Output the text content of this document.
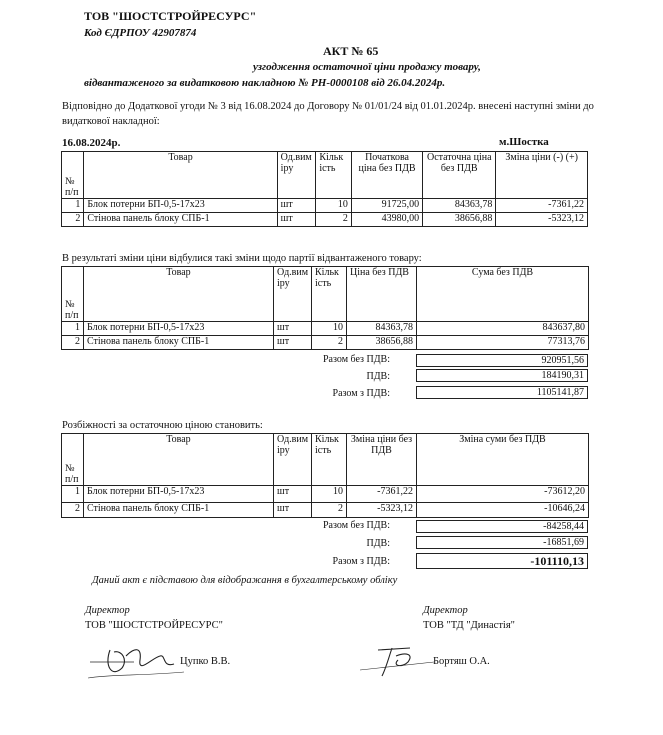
ТОВ "ШОСТСТРОЙРЕСУРС"
Код ЄДРПОУ 42907874
АКТ № 65
узгодження остаточної ціни продажу товару,
відвантаженого за видатковою накладною № РН-0000108 від 26.04.2024р.
Відповідно до Додаткової угоди № 3 від 16.08.2024 до Договору № 01/01/24 від 01.01.2024р. внесені наступні зміни до
видаткової накладної:
16.08.2024р.	м.Шостка
№ п/п	Товар	Од.вим іру	Кільк ість	Початкова ціна без ПДВ	Остаточна ціна без ПДВ	Зміна ціни (-) (+)
1	Блок потерни БП-0,5-17х23	шт	10	91725,00	84363,78	-7361,22
2	Стінова панель блоку СПБ-1	шт	2	43980,00	38656,88	-5323,12
В результаті зміни ціни відбулися такі зміни щодо партії відвантаженого товару:
№ п/п	Товар	Од.вим іру	Кільк ість	Ціна без ПДВ	Сума без ПДВ
1	Блок потерни БП-0,5-17х23	шт	10	84363,78	843637,80
2	Стінова панель блоку СПБ-1	шт	2	38656,88	77313,76
Разом без ПДВ:	920951,56
ПДВ:	184190,31
Разом з ПДВ:	1105141,87
Розбіжності за остаточною ціною становить:
№ п/п	Товар	Од.вим іру	Кільк ість	Зміна ціни без ПДВ	Зміна суми без ПДВ
1	Блок потерни БП-0,5-17х23	шт	10	-7361,22	-73612,20
2	Стінова панель блоку СПБ-1	шт	2	-5323,12	-10646,24
Разом без ПДВ:	-84258,44
ПДВ:	-16851,69
Разом з ПДВ:	-101110,13
Даний акт є підставою для відображання в бухгалтерському обліку
Директор
ТОВ "ШОСТСТРОЙРЕСУРС"
Цупко В.В.
Директор
ТОВ "ТД "Династія"
Бортяш О.А.
